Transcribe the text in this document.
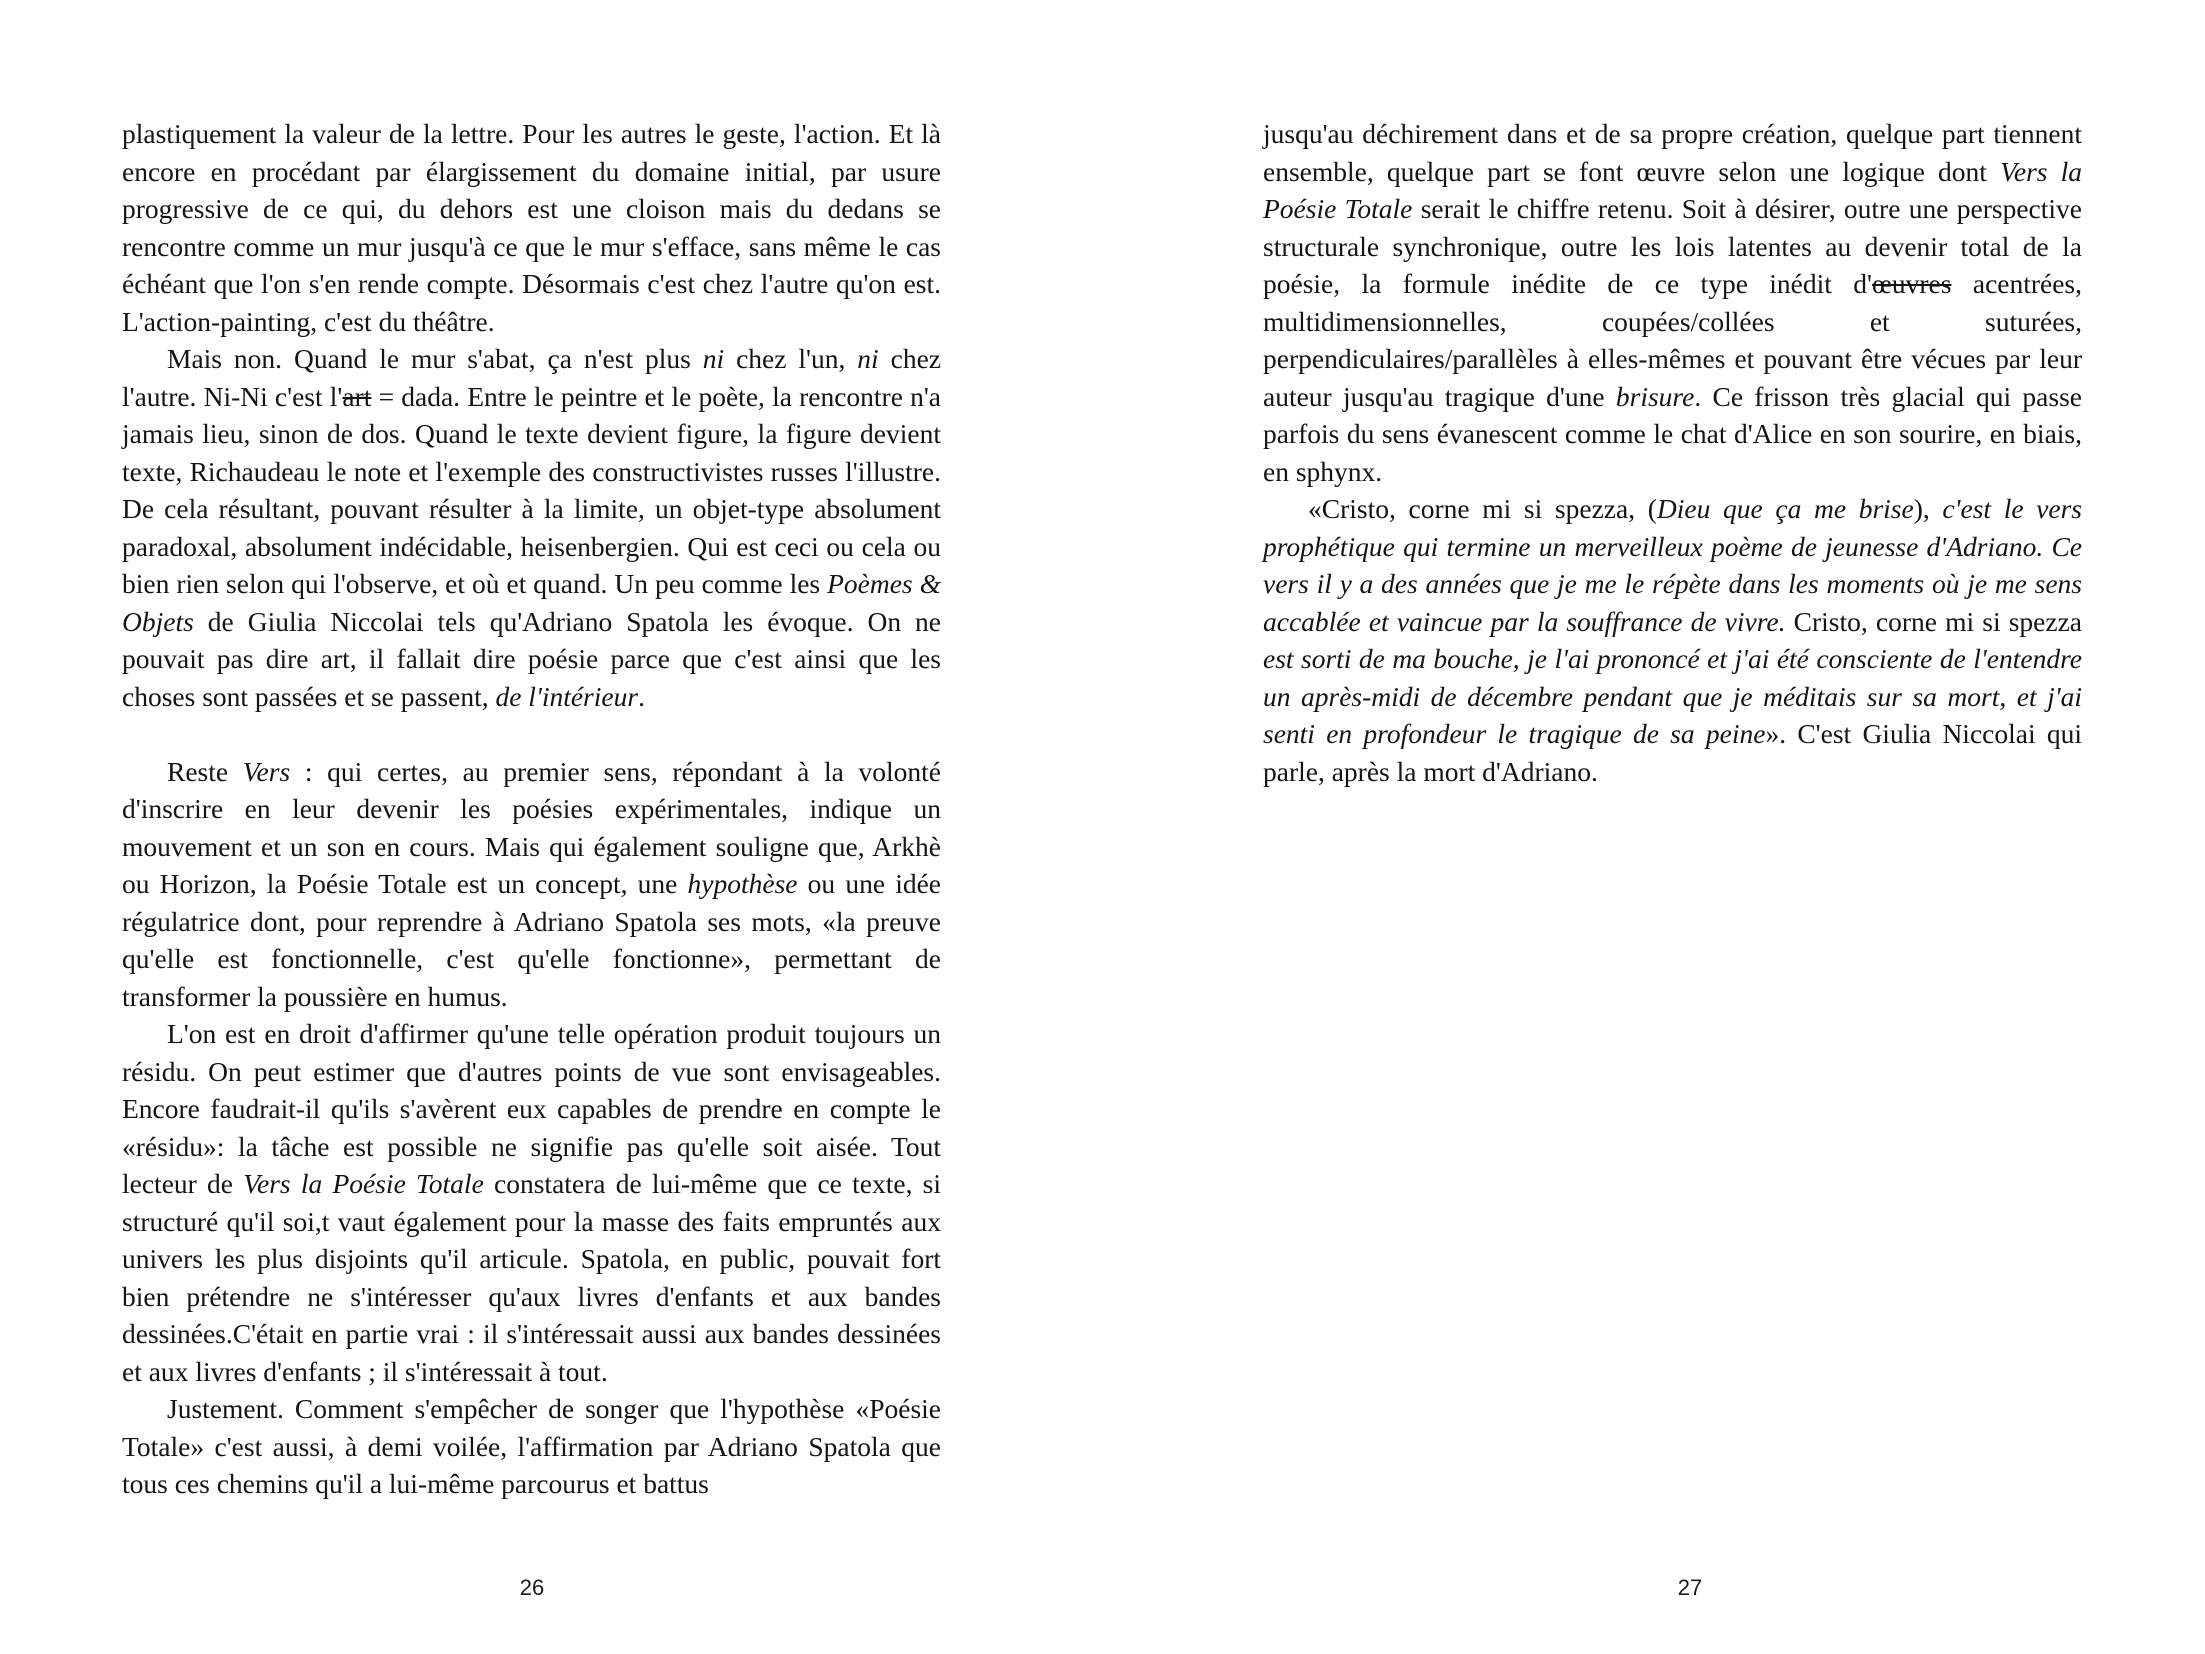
plastiquement la valeur de la lettre. Pour les autres le geste, l'action. Et là encore en procédant par élargissement du domaine initial, par usure progressive de ce qui, du dehors est une cloison mais du dedans se rencontre comme un mur jusqu'à ce que le mur s'efface, sans même le cas échéant que l'on s'en rende compte. Désormais c'est chez l'autre qu'on est. L'action-painting, c'est du théâtre.

Mais non. Quand le mur s'abat, ça n'est plus ni chez l'un, ni chez l'autre. Ni-Ni c'est l'art = dada. Entre le peintre et le poète, la rencontre n'a jamais lieu, sinon de dos. Quand le texte devient figure, la figure devient texte, Richaudeau le note et l'exemple des constructivistes russes l'illustre. De cela résultant, pouvant résulter à la limite, un objet-type absolument paradoxal, absolument indécidable, heisenbergien. Qui est ceci ou cela ou bien rien selon qui l'observe, et où et quand. Un peu comme les Poèmes & Objets de Giulia Niccolai tels qu'Adriano Spatola les évoque. On ne pouvait pas dire art, il fallait dire poésie parce que c'est ainsi que les choses sont passées et se passent, de l'intérieur.

Reste Vers : qui certes, au premier sens, répondant à la volonté d'inscrire en leur devenir les poésies expérimentales, indique un mouvement et un son en cours. Mais qui également souligne que, Arkhè ou Horizon, la Poésie Totale est un concept, une hypothèse ou une idée régulatrice dont, pour reprendre à Adriano Spatola ses mots, «la preuve qu'elle est fonctionnelle, c'est qu'elle fonctionne», permettant de transformer la poussière en humus.

L'on est en droit d'affirmer qu'une telle opération produit toujours un résidu. On peut estimer que d'autres points de vue sont envisageables. Encore faudrait-il qu'ils s'avèrent eux capables de prendre en compte le «résidu»: la tâche est possible ne signifie pas qu'elle soit aisée. Tout lecteur de Vers la Poésie Totale constatera de lui-même que ce texte, si structuré qu'il soi,t vaut également pour la masse des faits empruntés aux univers les plus disjoints qu'il articule. Spatola, en public, pouvait fort bien prétendre ne s'intéresser qu'aux livres d'enfants et aux bandes dessinées.C'était en partie vrai : il s'intéressait aussi aux bandes dessinées et aux livres d'enfants ; il s'intéressait à tout.

Justement. Comment s'empêcher de songer que l'hypothèse «Poésie Totale» c'est aussi, à demi voilée, l'affirmation par Adriano Spatola que tous ces chemins qu'il a lui-même parcourus et battus

26

jusqu'au déchirement dans et de sa propre création, quelque part tiennent ensemble, quelque part se font œuvre selon une logique dont Vers la Poésie Totale serait le chiffre retenu. Soit à désirer, outre une perspective structurale synchronique, outre les lois latentes au devenir total de la poésie, la formule inédite de ce type inédit d'œuvres acentrées, multidimensionnelles, coupées/collées et suturées, perpendiculaires/parallèles à elles-mêmes et pouvant être vécues par leur auteur jusqu'au tragique d'une brisure. Ce frisson très glacial qui passe parfois du sens évanescent comme le chat d'Alice en son sourire, en biais, en sphynx.

«Cristo, corne mi si spezza, (Dieu que ça me brise), c'est le vers prophétique qui termine un merveilleux poème de jeunesse d'Adriano. Ce vers il y a des années que je me le répète dans les moments où je me sens accablée et vaincue par la souffrance de vivre. Cristo, corne mi si spezza est sorti de ma bouche, je l'ai prononcé et j'ai été consciente de l'entendre un après-midi de décembre pendant que je méditais sur sa mort, et j'ai senti en profondeur le tragique de sa peine». C'est Giulia Niccolai qui parle, après la mort d'Adriano.

27
